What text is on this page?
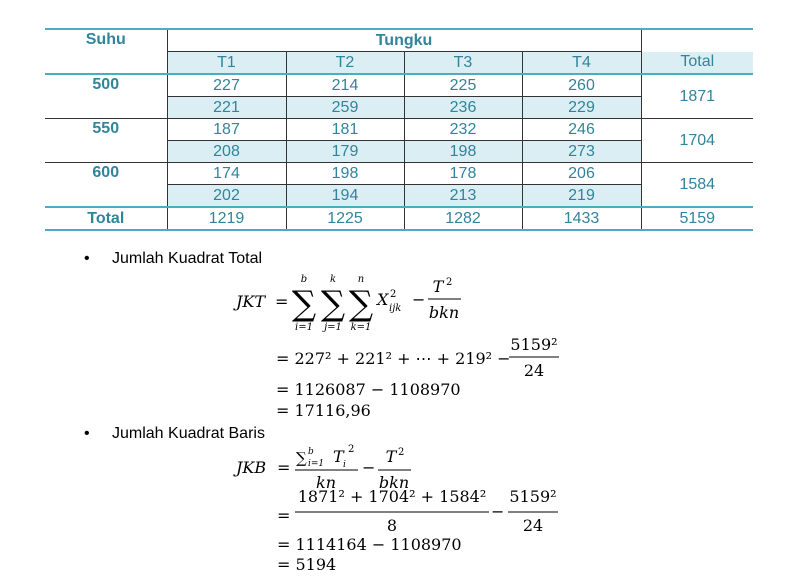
Suhu	Tungku				
	T1	T2	T3	T4	Total
500	227	214	225	260	1871
	221	259	236	229	
550	187	181	232	246	1704
	208	179	198	273	
600	174	198	178	206	1584
	202	194	213	219	
Total	1219	1225	1282	1433	5159
• Jumlah Kuadrat Total
• Jumlah Kuadrat Baris
JKT =
b
∑
i=1
k
∑
j=1
n
∑
k=1
X 2
ijk −
T 2
bkn
= 227² + 221² + ⋯ + 219² −
5159²
24
= 1126087 − 1108970
= 17116,96
JKB = ∑ b
i=1 T i
2
kn
−
T 2
bkn
=
1871² + 1704² + 1584²
8
−
5159²
24
= 1114164 − 1108970
= 5194
